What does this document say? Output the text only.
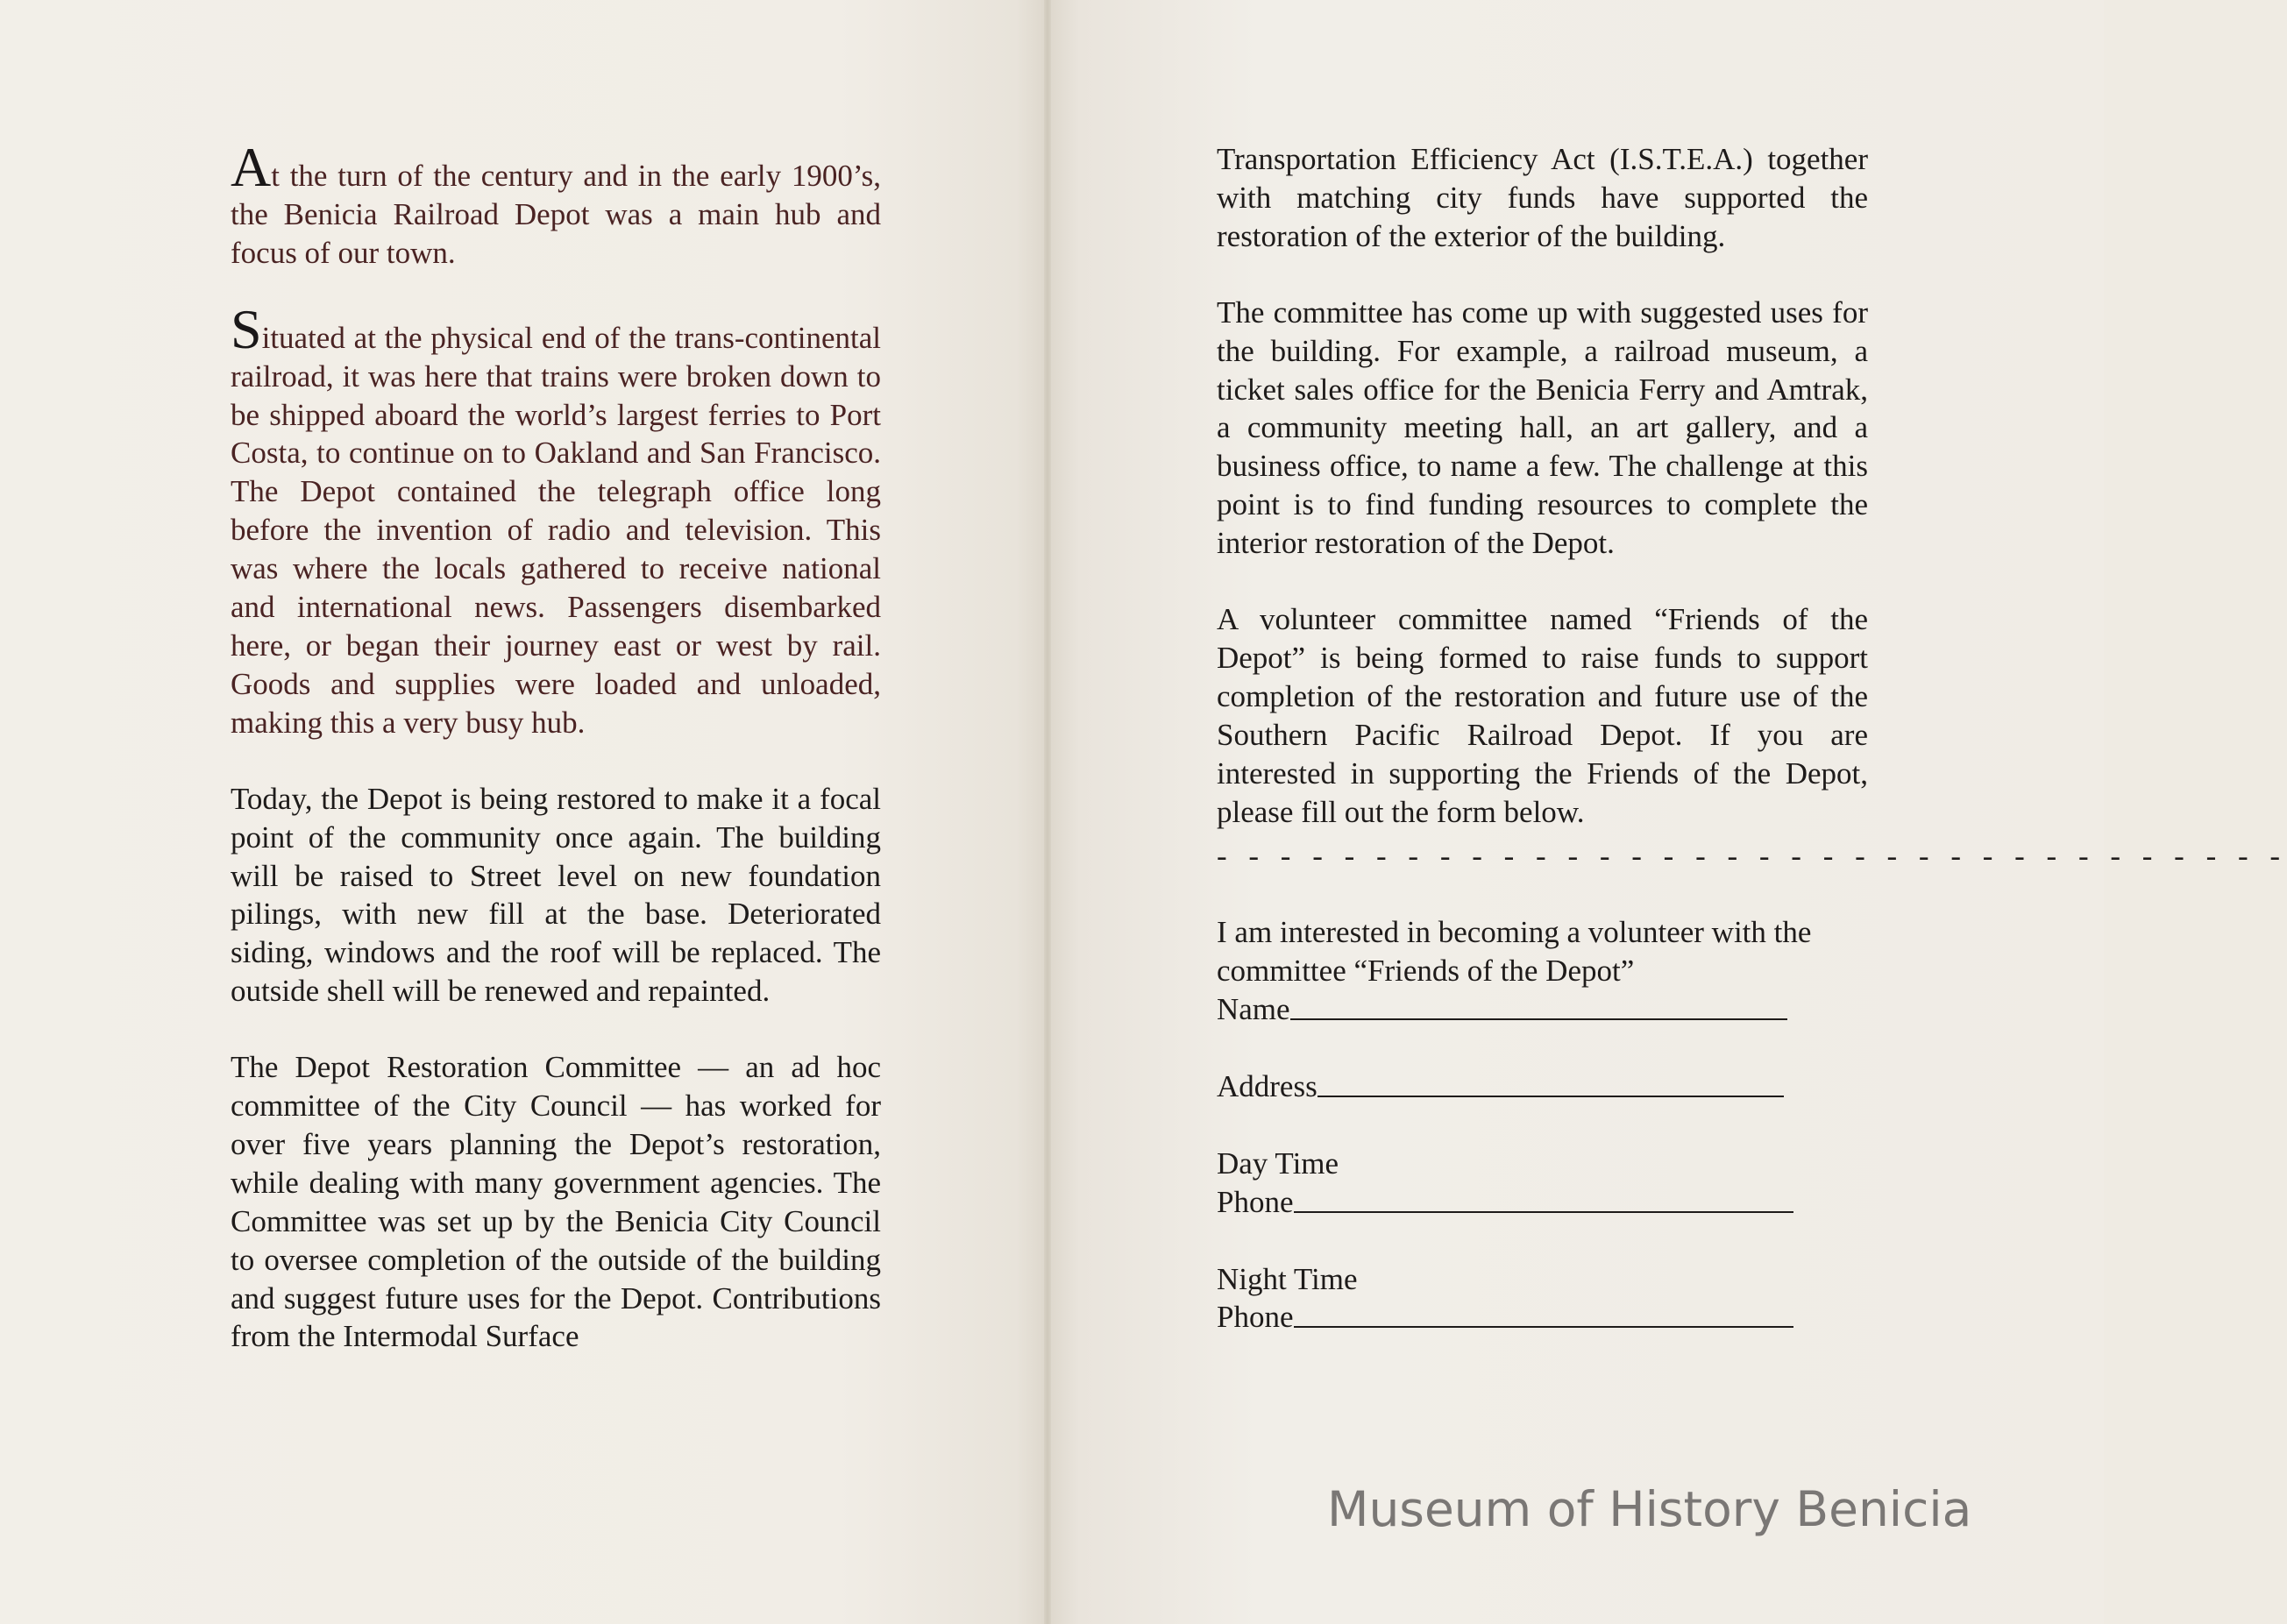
At the turn of the century and in the early 1900’s, the Benicia Railroad Depot was a main hub and focus of our town.

Situated at the physical end of the trans-continental railroad, it was here that trains were broken down to be shipped aboard the world’s largest ferries to Port Costa, to continue on to Oakland and San Francisco. The Depot contained the telegraph office long before the invention of radio and television. This was where the locals gathered to receive national and international news. Passengers disembarked here, or began their journey east or west by rail. Goods and supplies were loaded and unloaded, making this a very busy hub.

Today, the Depot is being restored to make it a focal point of the community once again. The building will be raised to Street level on new foundation pilings, with new fill at the base. Deteriorated siding, windows and the roof will be replaced. The outside shell will be renewed and repainted.

The Depot Restoration Committee — an ad hoc committee of the City Council — has worked for over five years planning the Depot’s restoration, while dealing with many government agencies. The Committee was set up by the Benicia City Council to oversee completion of the outside of the building and suggest future uses for the Depot. Contributions from the Intermodal Surface

Transportation Efficiency Act (I.S.T.E.A.) together with matching city funds have supported the restoration of the exterior of the building.

The committee has come up with suggested uses for the building. For example, a railroad museum, a ticket sales office for the Benicia Ferry and Amtrak, a community meeting hall, an art gallery, and a business office, to name a few. The challenge at this point is to find funding resources to complete the interior restoration of the Depot.

A volunteer committee named “Friends of the Depot” is being formed to raise funds to support completion of the restoration and future use of the Southern Pacific Railroad Depot. If you are interested in supporting the Friends of the Depot, please fill out the form below.

- - - - - - - - - - - - - - - - - - - - - - - - - - - - - - - - - -
I am interested in becoming a volunteer with the
committee “Friends of the Depot”
Name
Address
Day Time
Phone
Night Time
Phone
Museum of History Benicia
